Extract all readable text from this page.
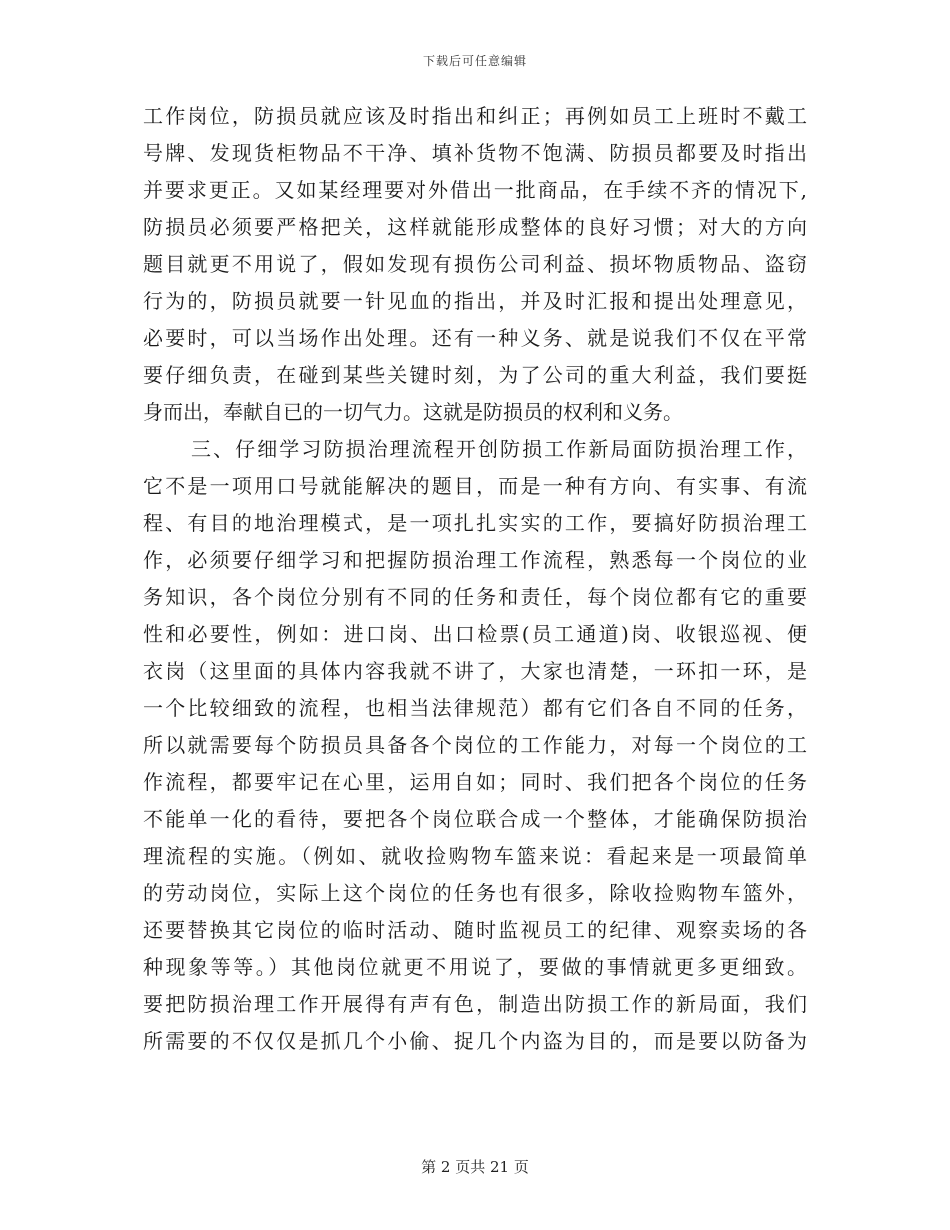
下载后可任意编辑
工作岗位，防损员就应该及时指出和纠正；再例如员工上班时不戴工
号牌、发现货柜物品不干净、填补货物不饱满、防损员都要及时指出
并要求更正。又如某经理要对外借出一批商品，在手续不齐的情况下,
防损员必须要严格把关，这样就能形成整体的良好习惯；对大的方向
题目就更不用说了，假如发现有损伤公司利益、损坏物质物品、盗窃
行为的，防损员就要一针见血的指出，并及时汇报和提出处理意见，
必要时，可以当场作出处理。还有一种义务、就是说我们不仅在平常
要仔细负责，在碰到某些关键时刻，为了公司的重大利益，我们要挺
身而出，奉献自已的一切气力。这就是防损员的权利和义务。
三、仔细学习防损治理流程开创防损工作新局面防损治理工作，
它不是一项用口号就能解决的题目，而是一种有方向、有实事、有流
程、有目的地治理模式，是一项扎扎实实的工作，要搞好防损治理工
作，必须要仔细学习和把握防损治理工作流程，熟悉每一个岗位的业
务知识，各个岗位分别有不同的任务和责任，每个岗位都有它的重要
性和必要性，例如：进口岗、出口检票(员工通道)岗、收银巡视、便
衣岗（这里面的具体内容我就不讲了，大家也清楚，一环扣一环，是
一个比较细致的流程，也相当法律规范）都有它们各自不同的任务，
所以就需要每个防损员具备各个岗位的工作能力，对每一个岗位的工
作流程，都要牢记在心里，运用自如；同时、我们把各个岗位的任务
不能单一化的看待，要把各个岗位联合成一个整体，才能确保防损治
理流程的实施。（例如、就收捡购物车篮来说：看起来是一项最简单
的劳动岗位，实际上这个岗位的任务也有很多，除收捡购物车篮外，
还要替换其它岗位的临时活动、随时监视员工的纪律、观察卖场的各
种现象等等。）其他岗位就更不用说了，要做的事情就更多更细致。
要把防损治理工作开展得有声有色，制造出防损工作的新局面，我们
所需要的不仅仅是抓几个小偷、捉几个内盗为目的，而是要以防备为
第 2 页共 21 页
